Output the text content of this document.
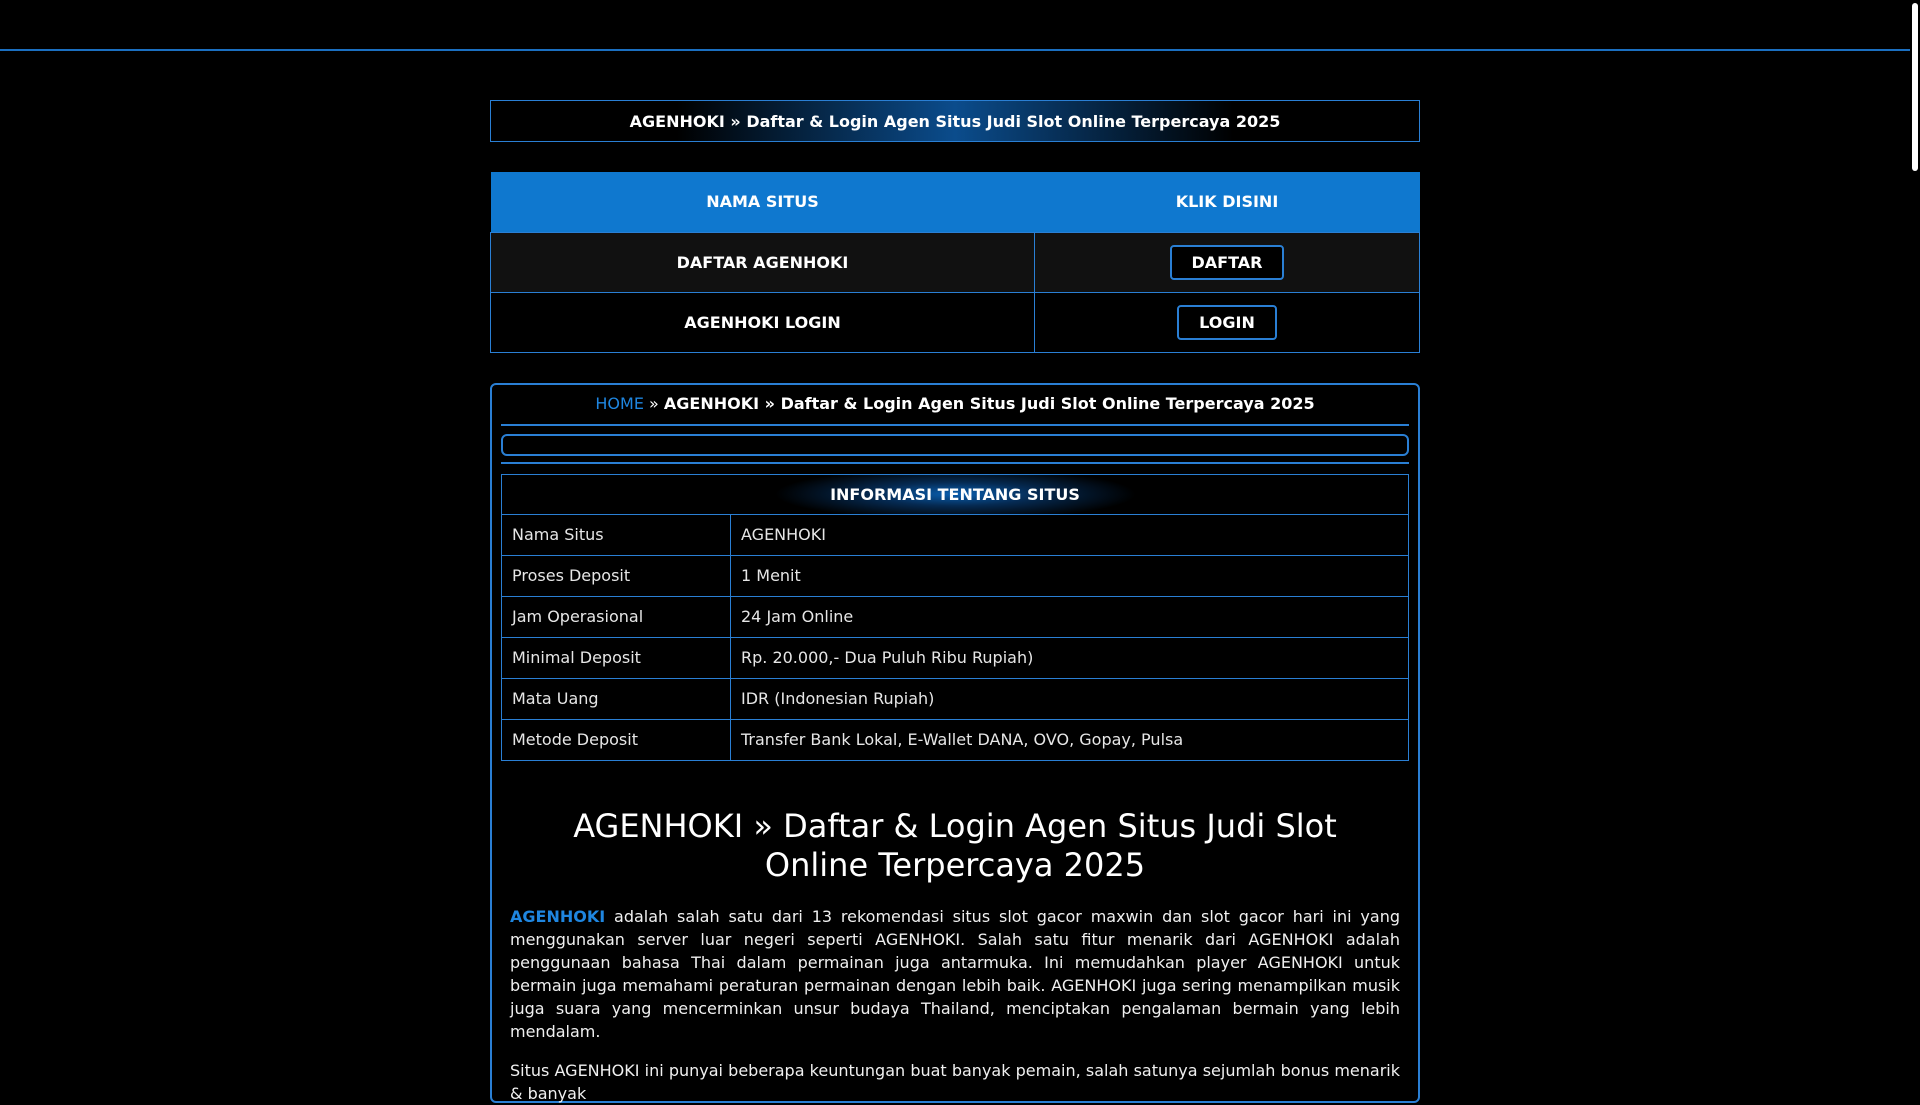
AGENHOKI » Daftar & Login Agen Situs Judi Slot Online Terpercaya 2025
NAMA SITUS	KLIK DISINI
DAFTAR AGENHOKI	DAFTAR
AGENHOKI LOGIN	LOGIN
HOME » AGENHOKI » Daftar & Login Agen Situs Judi Slot Online Terpercaya 2025
INFORMASI TENTANG SITUS	
Nama Situs	AGENHOKI
Proses Deposit	1 Menit
Jam Operasional	24 Jam Online
Minimal Deposit	Rp. 20.000,- Dua Puluh Ribu Rupiah)
Mata Uang	IDR (Indonesian Rupiah)
Metode Deposit	Transfer Bank Lokal, E-Wallet DANA, OVO, Gopay, Pulsa
AGENHOKI » Daftar & Login Agen Situs Judi Slot Online Terpercaya 2025

AGENHOKI adalah salah satu dari 13 rekomendasi situs slot gacor maxwin dan slot gacor hari ini yang menggunakan server luar negeri seperti AGENHOKI. Salah satu fitur menarik dari AGENHOKI adalah penggunaan bahasa Thai dalam permainan juga antarmuka. Ini memudahkan player AGENHOKI untuk bermain juga memahami peraturan permainan dengan lebih baik. AGENHOKI juga sering menampilkan musik juga suara yang mencerminkan unsur budaya Thailand, menciptakan pengalaman bermain yang lebih mendalam.

Situs AGENHOKI ini punyai beberapa keuntungan buat banyak pemain, salah satunya sejumlah bonus menarik & banyak
